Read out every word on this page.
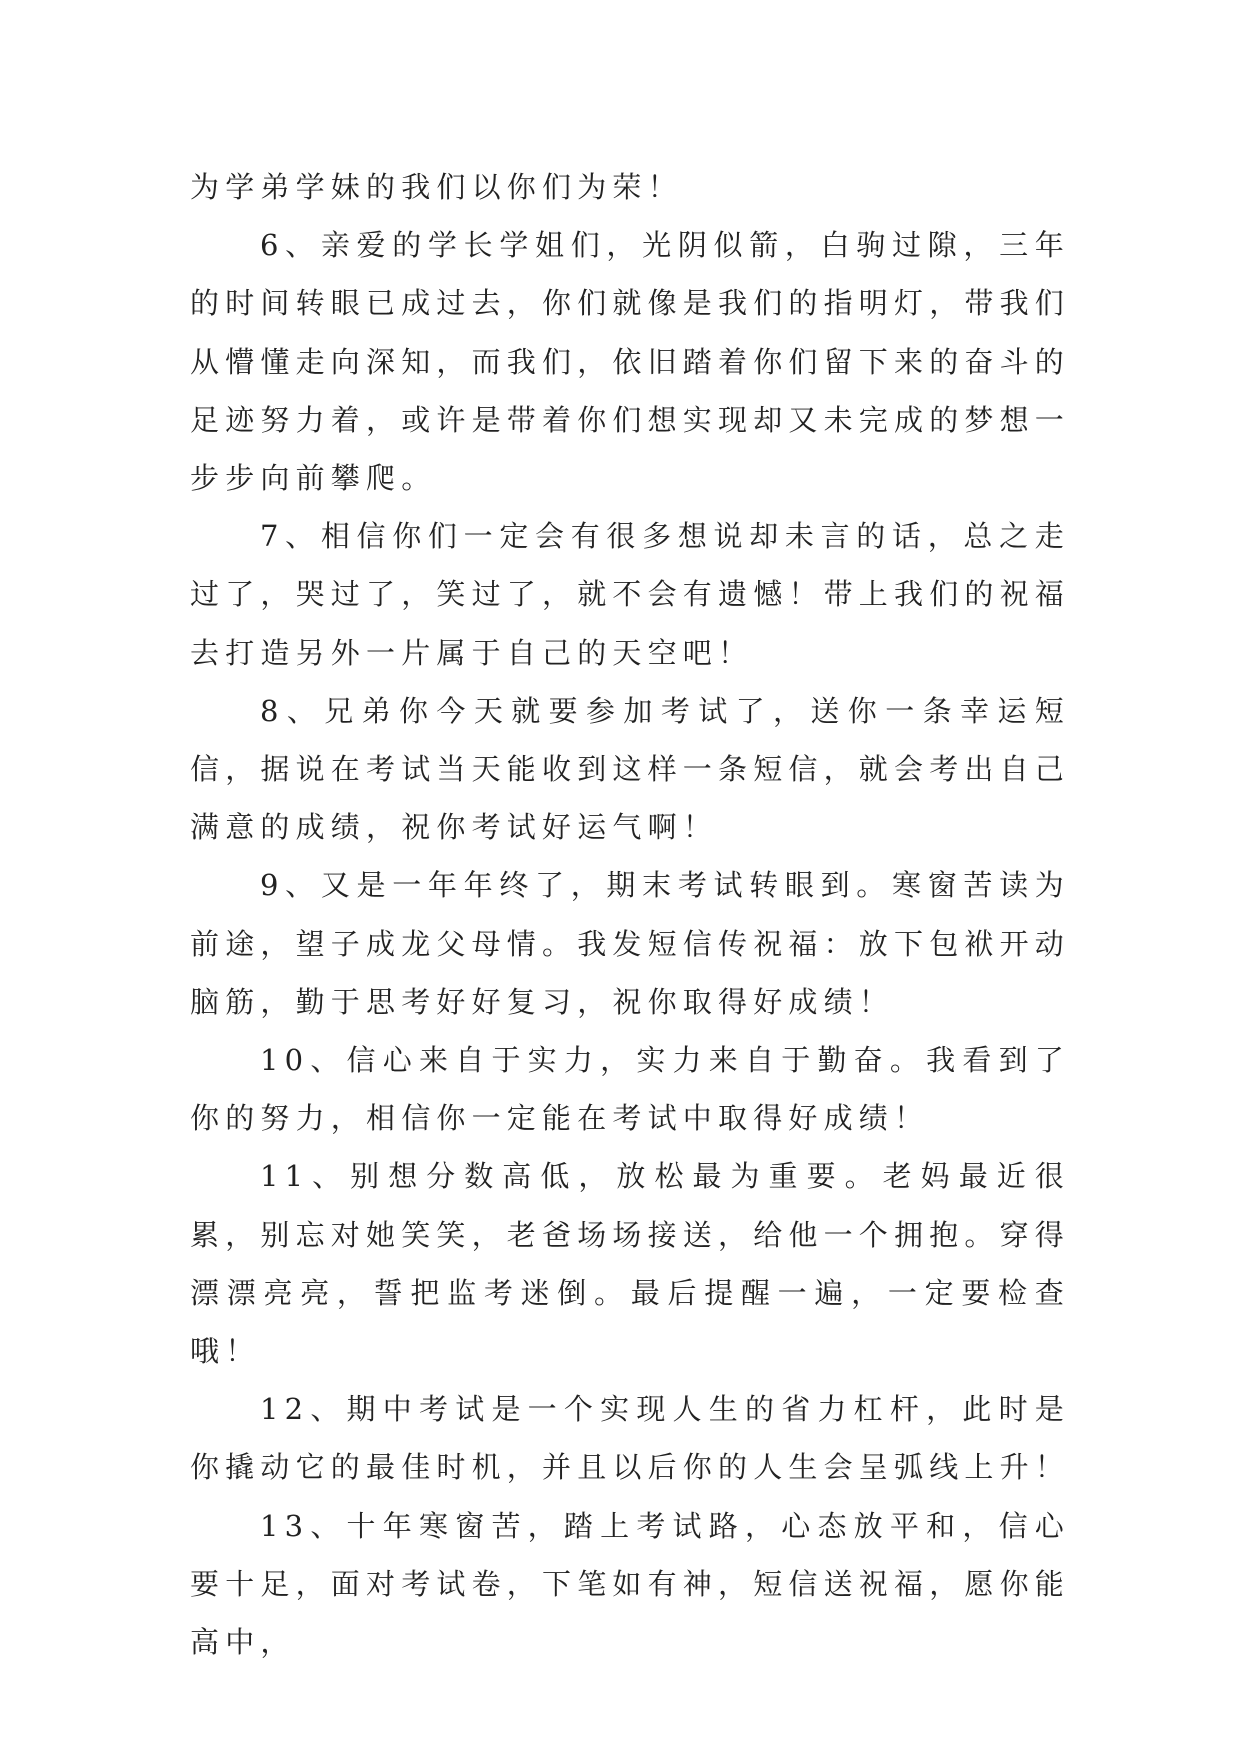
为学弟学妹的我们以你们为荣！

6、亲爱的学长学姐们，光阴似箭，白驹过隙，三年的时间转眼已成过去，你们就像是我们的指明灯，带我们从懵懂走向深知，而我们，依旧踏着你们留下来的奋斗的足迹努力着，或许是带着你们想实现却又未完成的梦想一步步向前攀爬。

7、相信你们一定会有很多想说却未言的话，总之走过了，哭过了，笑过了，就不会有遗憾！带上我们的祝福去打造另外一片属于自己的天空吧！

8、兄弟你今天就要参加考试了，送你一条幸运短信，据说在考试当天能收到这样一条短信，就会考出自己满意的成绩，祝你考试好运气啊！

9、又是一年年终了，期末考试转眼到。寒窗苦读为前途，望子成龙父母情。我发短信传祝福：放下包袱开动脑筋，勤于思考好好复习，祝你取得好成绩！

10、信心来自于实力，实力来自于勤奋。我看到了你的努力，相信你一定能在考试中取得好成绩！

11、别想分数高低，放松最为重要。老妈最近很累，别忘对她笑笑，老爸场场接送，给他一个拥抱。穿得漂漂亮亮，誓把监考迷倒。最后提醒一遍，一定要检查哦！

12、期中考试是一个实现人生的省力杠杆，此时是你撬动它的最佳时机，并且以后你的人生会呈弧线上升！

13、十年寒窗苦，踏上考试路，心态放平和，信心要十足，面对考试卷，下笔如有神，短信送祝福，愿你能高中，
